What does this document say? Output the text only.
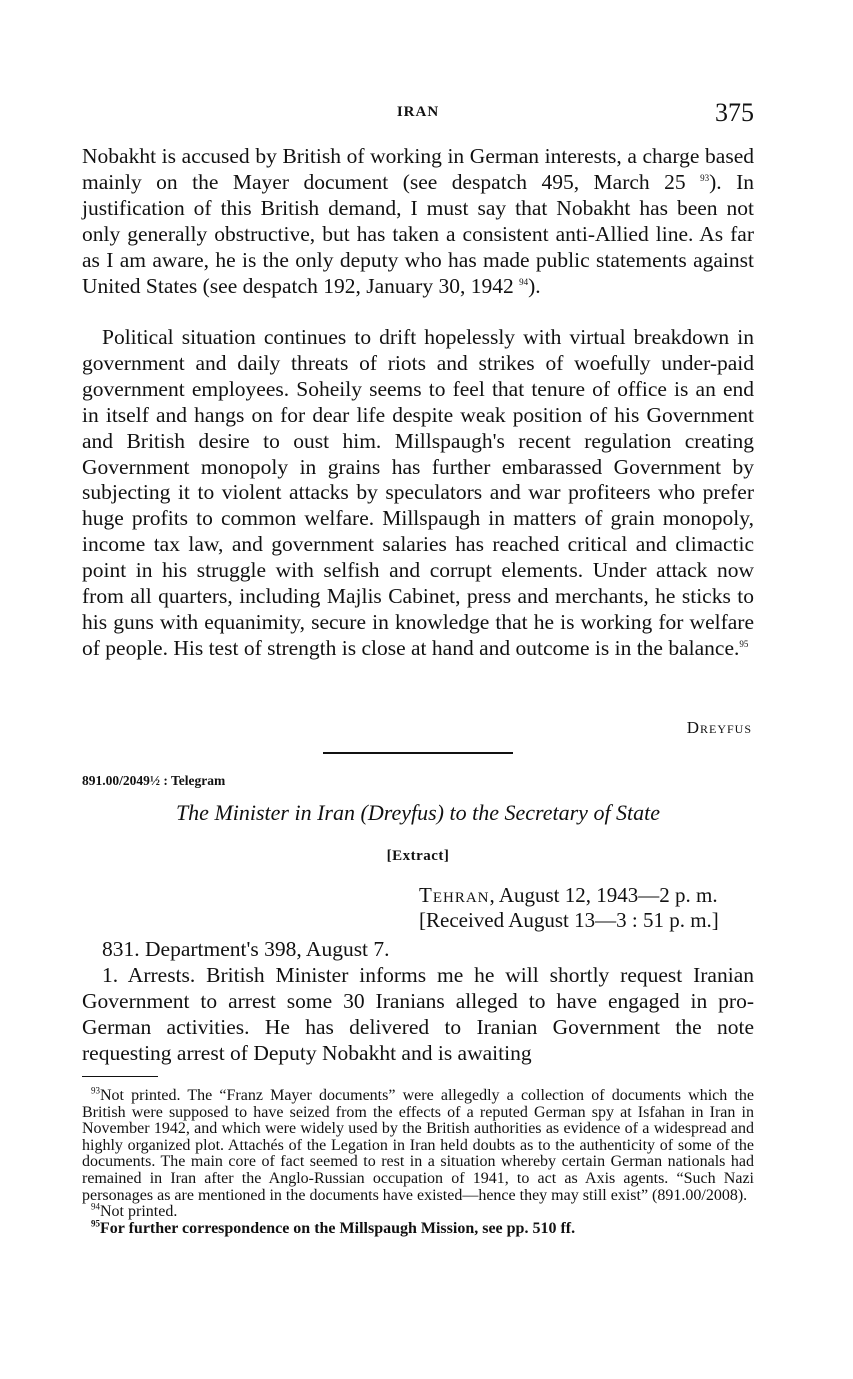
IRAN	375

Nobakht is accused by British of working in German interests, a charge based mainly on the Mayer document (see despatch 495, March 25 $^{93}$). In justification of this British demand, I must say that Nobakht has been not only generally obstructive, but has taken a consistent anti-Allied line. As far as I am aware, he is the only deputy who has made public statements against United States (see despatch 192, January 30, 1942 $^{94}$).

Political situation continues to drift hopelessly with virtual breakdown in government and daily threats of riots and strikes of woefully under-paid government employees. Soheily seems to feel that tenure of office is an end in itself and hangs on for dear life despite weak position of his Government and British desire to oust him. Millspaugh's recent regulation creating Government monopoly in grains has further embarassed Government by subjecting it to violent attacks by speculators and war profiteers who prefer huge profits to common welfare. Millspaugh in matters of grain monopoly, income tax law, and government salaries has reached critical and climactic point in his struggle with selfish and corrupt elements. Under attack now from all quarters, including Majlis Cabinet, press and merchants, he sticks to his guns with equanimity, secure in knowledge that he is working for welfare of people. His test of strength is close at hand and outcome is in the balance.$^{95}$

Dreyfus
891.00/2049½ : Telegram
The Minister in Iran (Dreyfus) to the Secretary of State
[Extract]
Tehran, August 12, 1943—2 p. m.
[Received August 13—3 : 51 p. m.]

831. Department's 398, August 7.

1. Arrests. British Minister informs me he will shortly request Iranian Government to arrest some 30 Iranians alleged to have engaged in pro-German activities. He has delivered to Iranian Government the note requesting arrest of Deputy Nobakht and is awaiting

$^{93}$Not printed. The “Franz Mayer documents” were allegedly a collection of documents which the British were supposed to have seized from the effects of a reputed German spy at Isfahan in Iran in November 1942, and which were widely used by the British authorities as evidence of a widespread and highly organized plot. Attachés of the Legation in Iran held doubts as to the authenticity of some of the documents. The main core of fact seemed to rest in a situation whereby certain German nationals had remained in Iran after the Anglo-Russian occupation of 1941, to act as Axis agents. “Such Nazi personages as are mentioned in the documents have existed—hence they may still exist” (891.00/2008).

$^{94}$Not printed.

$^{95}$For further correspondence on the Millspaugh Mission, see pp. 510 ff.
